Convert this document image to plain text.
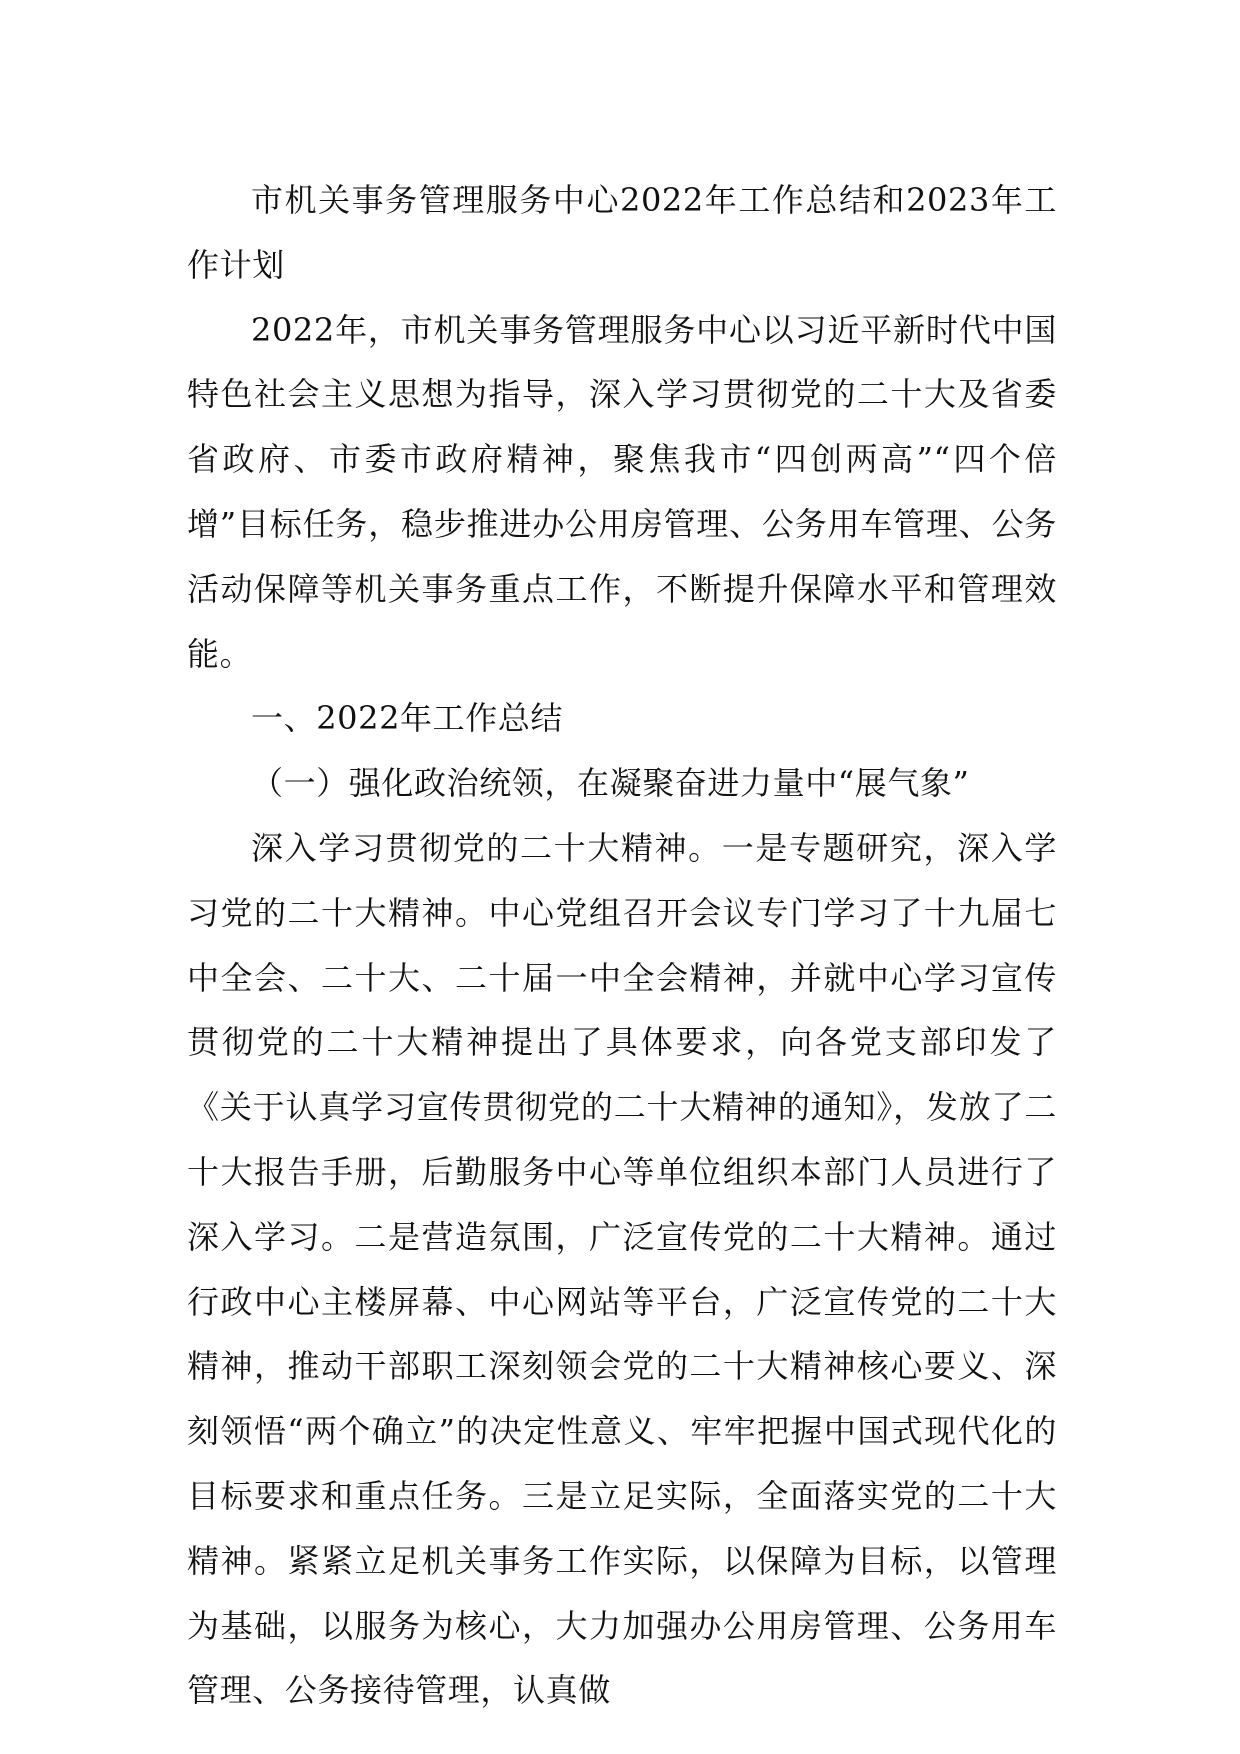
市机关事务管理服务中心2022年工作总结和2023年工作计划

2022年，市机关事务管理服务中心以习近平新时代中国特色社会主义思想为指导，深入学习贯彻党的二十大及省委省政府、市委市政府精神，聚焦我市“四创两高”“四个倍增”目标任务，稳步推进办公用房管理、公务用车管理、公务活动保障等机关事务重点工作，不断提升保障水平和管理效能。

一、2022年工作总结

（一）强化政治统领，在凝聚奋进力量中“展气象”

深入学习贯彻党的二十大精神。一是专题研究，深入学习党的二十大精神。中心党组召开会议专门学习了十九届七中全会、二十大、二十届一中全会精神，并就中心学习宣传贯彻党的二十大精神提出了具体要求，向各党支部印发了《关于认真学习宣传贯彻党的二十大精神的通知》，发放了二十大报告手册，后勤服务中心等单位组织本部门人员进行了深入学习。二是营造氛围，广泛宣传党的二十大精神。通过行政中心主楼屏幕、中心网站等平台，广泛宣传党的二十大精神，推动干部职工深刻领会党的二十大精神核心要义、深刻领悟“两个确立”的决定性意义、牢牢把握中国式现代化的目标要求和重点任务。三是立足实际，全面落实党的二十大精神。紧紧立足机关事务工作实际，以保障为目标，以管理为基础，以服务为核心，大力加强办公用房管理、公务用车管理、公务接待管理，认真做
